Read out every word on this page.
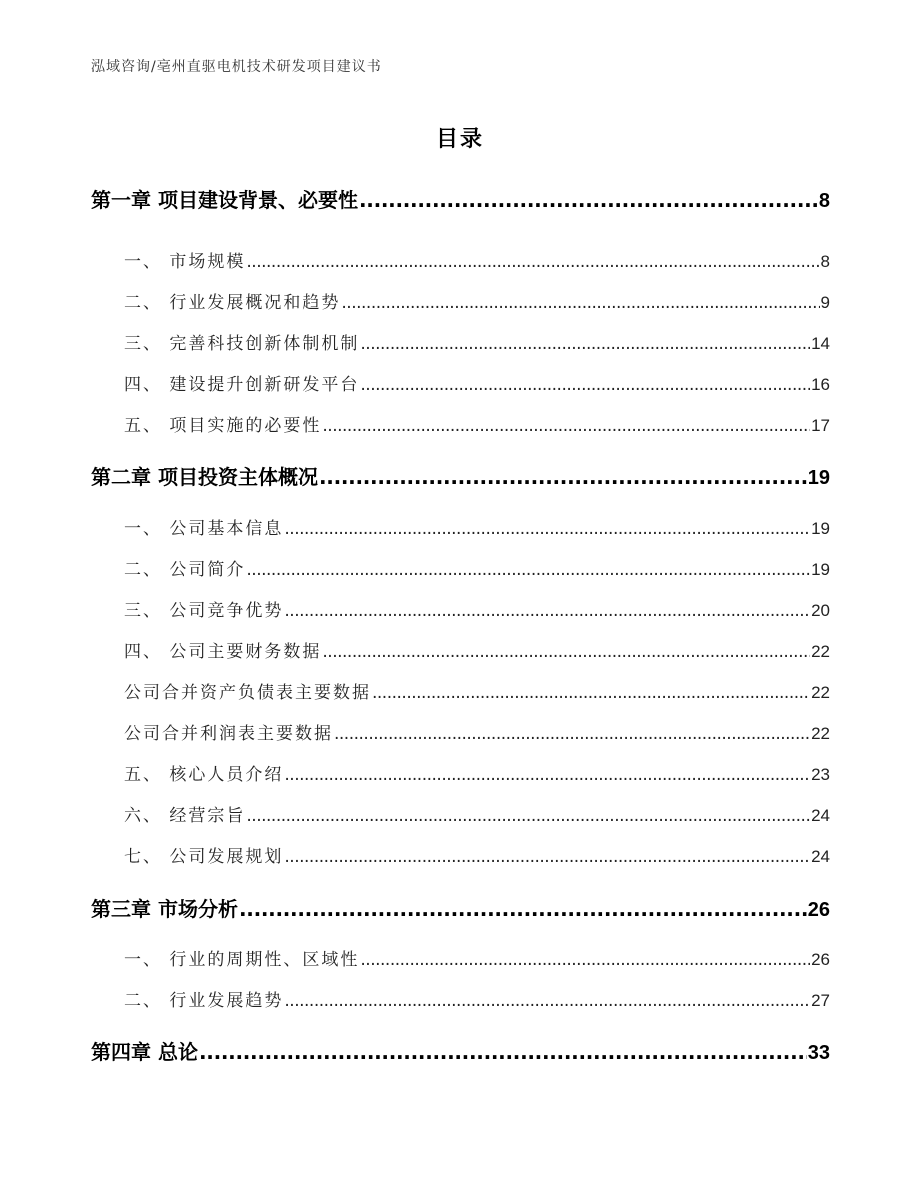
泓域咨询/亳州直驱电机技术研发项目建议书
目录
第一章 项目建设背景、必要性 .....	8
一、 市场规模 .....	8
二、 行业发展概况和趋势 .....	9
三、 完善科技创新体制机制 .....	14
四、 建设提升创新研发平台 .....	16
五、 项目实施的必要性 .....	17
第二章 项目投资主体概况 .....	19
一、 公司基本信息 .....	19
二、 公司简介 .....	19
三、 公司竞争优势 .....	20
四、 公司主要财务数据 .....	22
公司合并资产负债表主要数据 .....	22
公司合并利润表主要数据 .....	22
五、 核心人员介绍 .....	23
六、 经营宗旨 .....	24
七、 公司发展规划 .....	24
第三章 市场分析 .....	26
一、 行业的周期性、区域性 .....	26
二、 行业发展趋势 .....	27
第四章 总论 .....	33
